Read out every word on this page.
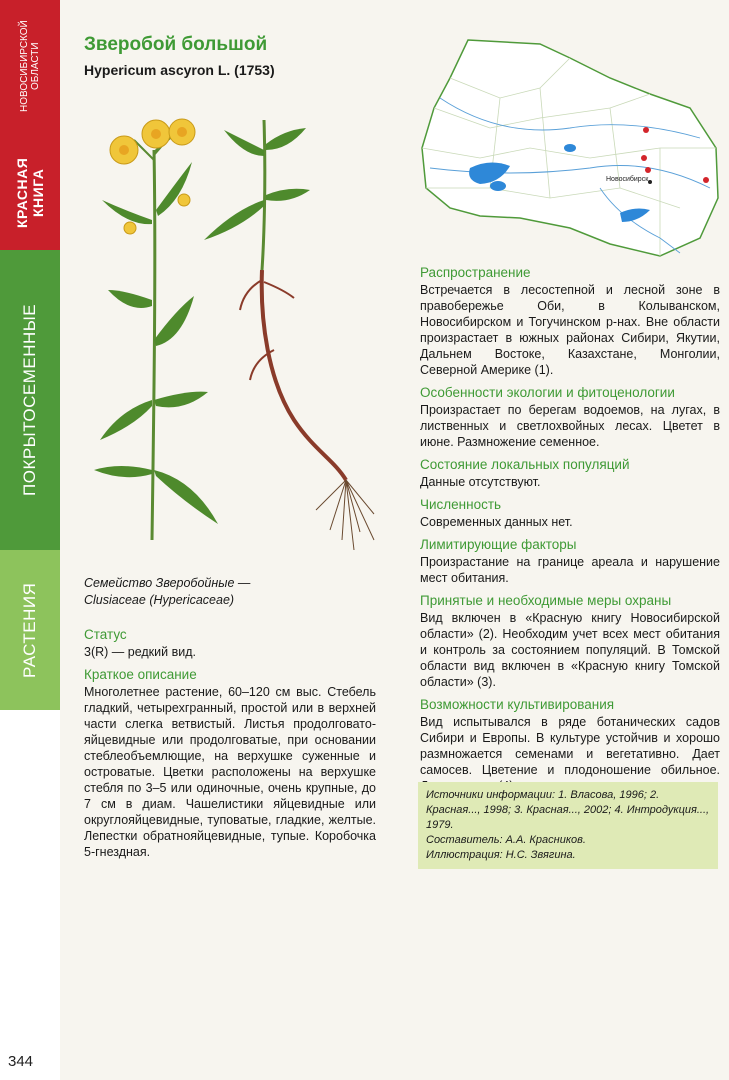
КРАСНАЯ КНИГА
НОВОСИБИРСКОЙ ОБЛАСТИ
ПОКРЫТОСЕМЕННЫЕ
РАСТЕНИЯ
344
Зверобой большой
Hypericum ascyron L. (1753)
Семейство Зверобойные —
Clusiaceae (Hypericaceae)
Статус
3(R) — редкий вид.
Краткое описание
Многолетнее растение, 60–120 см выс. Стебель гладкий, четырехгранный, простой или в верхней части слегка ветвистый. Листья продолговато-яйцевидные или продолговатые, при основании стеблеобъемлющие, на верхушке суженные и островатые. Цветки расположены на верхушке стебля по 3–5 или одиночные, очень крупные, до 7 см в диам. Чашелистики яйцевидные или округлояйцевидные, туповатые, гладкие, желтые. Лепестки обратнояйцевидные, тупые. Коробочка 5-гнездная.
Новосибирск
Распространение
Встречается в лесостепной и лесной зоне в правобережье Оби, в Колыванском, Новосибирском и Тогучинском р-нах. Вне области произрастает в южных районах Сибири, Якутии, Дальнем Востоке, Казахстане, Монголии, Северной Америке (1).
Особенности экологии и фитоценологии
Произрастает по берегам водоемов, на лугах, в лиственных и светлохвойных лесах. Цветет в июне. Размножение семенное.
Состояние локальных популяций
Данные отсутствуют.
Численность
Современных данных нет.
Лимитирующие факторы
Произрастание на границе ареала и нарушение мест обитания.
Принятые и необходимые меры охраны
Вид включен в «Красную книгу Новосибирской области» (2). Необходим учет всех мест обитания и контроль за состоянием популяций. В Томской области вид включен в «Красную книгу Томской области» (3).
Возможности культивирования
Вид испытывался в ряде ботанических садов Сибири и Европы. В культуре устойчив и хорошо размножается семенами и вегетативно. Дает самосев. Цветение и плодоношение обильное.
Источники информации: 1. Власова, 1996; 2. Красная..., 1998; 3. Красная..., 2002; 4. Интродукция..., 1979.
Составитель: А.А. Красников.
Иллюстрация: Н.С. Звягина.
